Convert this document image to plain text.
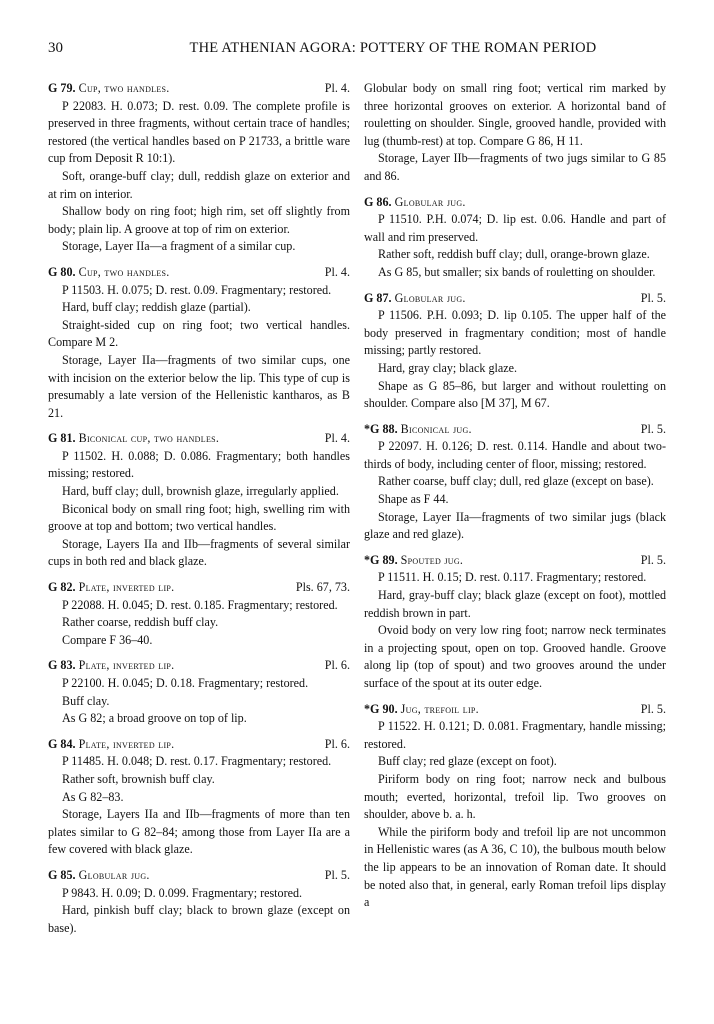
30	THE ATHENIAN AGORA: POTTERY OF THE ROMAN PERIOD
G 79. Cup, two handles.	Pl. 4.

P 22083. H. 0.073; D. rest. 0.09. The complete profile is preserved in three fragments, without certain trace of handles; restored (the vertical handles based on P 21733, a brittle ware cup from Deposit R 10:1).

Soft, orange-buff clay; dull, reddish glaze on exterior and at rim on interior.

Shallow body on ring foot; high rim, set off slightly from body; plain lip. A groove at top of rim on exterior.

Storage, Layer IIa—a fragment of a similar cup.

G 80. Cup, two handles.	Pl. 4.

P 11503. H. 0.075; D. rest. 0.09. Fragmentary; restored.

Hard, buff clay; reddish glaze (partial).

Straight-sided cup on ring foot; two vertical handles. Compare M 2.

Storage, Layer IIa—fragments of two similar cups, one with incision on the exterior below the lip. This type of cup is presumably a late version of the Hellenistic kantharos, as B 21.

G 81. Biconical cup, two handles.	Pl. 4.

P 11502. H. 0.088; D. 0.086. Fragmentary; both handles missing; restored.

Hard, buff clay; dull, brownish glaze, irregularly applied.

Biconical body on small ring foot; high, swelling rim with groove at top and bottom; two vertical handles.

Storage, Layers IIa and IIb—fragments of several similar cups in both red and black glaze.

G 82. Plate, inverted lip.	Pls. 67, 73.

P 22088. H. 0.045; D. rest. 0.185. Fragmentary; restored.

Rather coarse, reddish buff clay.

Compare F 36–40.

G 83. Plate, inverted lip.	Pl. 6.

P 22100. H. 0.045; D. 0.18. Fragmentary; restored.

Buff clay.

As G 82; a broad groove on top of lip.

G 84. Plate, inverted lip.	Pl. 6.

P 11485. H. 0.048; D. rest. 0.17. Fragmentary; restored.

Rather soft, brownish buff clay.

As G 82–83.

Storage, Layers IIa and IIb—fragments of more than ten plates similar to G 82–84; among those from Layer IIa are a few covered with black glaze.

G 85. Globular jug.	Pl. 5.

P 9843. H. 0.09; D. 0.099. Fragmentary; restored.

Hard, pinkish buff clay; black to brown glaze (except on base).

Globular body on small ring foot; vertical rim marked by three horizontal grooves on exterior. A horizontal band of rouletting on shoulder. Single, grooved handle, provided with lug (thumb-rest) at top. Compare G 86, H 11.

Storage, Layer IIb—fragments of two jugs similar to G 85 and 86.

G 86. Globular jug.

P 11510. P.H. 0.074; D. lip est. 0.06. Handle and part of wall and rim preserved.

Rather soft, reddish buff clay; dull, orange-brown glaze.

As G 85, but smaller; six bands of rouletting on shoulder.

G 87. Globular jug.	Pl. 5.

P 11506. P.H. 0.093; D. lip 0.105. The upper half of the body preserved in fragmentary condition; most of handle missing; partly restored.

Hard, gray clay; black glaze.

Shape as G 85–86, but larger and without rouletting on shoulder. Compare also [M 37], M 67.

*G 88. Biconical jug.	Pl. 5.

P 22097. H. 0.126; D. rest. 0.114. Handle and about two-thirds of body, including center of floor, missing; restored.

Rather coarse, buff clay; dull, red glaze (except on base).

Shape as F 44.

Storage, Layer IIa—fragments of two similar jugs (black glaze and red glaze).

*G 89. Spouted jug.	Pl. 5.

P 11511. H. 0.15; D. rest. 0.117. Fragmentary; restored.

Hard, gray-buff clay; black glaze (except on foot), mottled reddish brown in part.

Ovoid body on very low ring foot; narrow neck terminates in a projecting spout, open on top. Grooved handle. Groove along lip (top of spout) and two grooves around the under surface of the spout at its outer edge.

*G 90. Jug, trefoil lip.	Pl. 5.

P 11522. H. 0.121; D. 0.081. Fragmentary, handle missing; restored.

Buff clay; red glaze (except on foot).

Piriform body on ring foot; narrow neck and bulbous mouth; everted, horizontal, trefoil lip. Two grooves on shoulder, above b. a. h.

While the piriform body and trefoil lip are not uncommon in Hellenistic wares (as A 36, C 10), the bulbous mouth below the lip appears to be an innovation of Roman date. It should be noted also that, in general, early Roman trefoil lips display a
